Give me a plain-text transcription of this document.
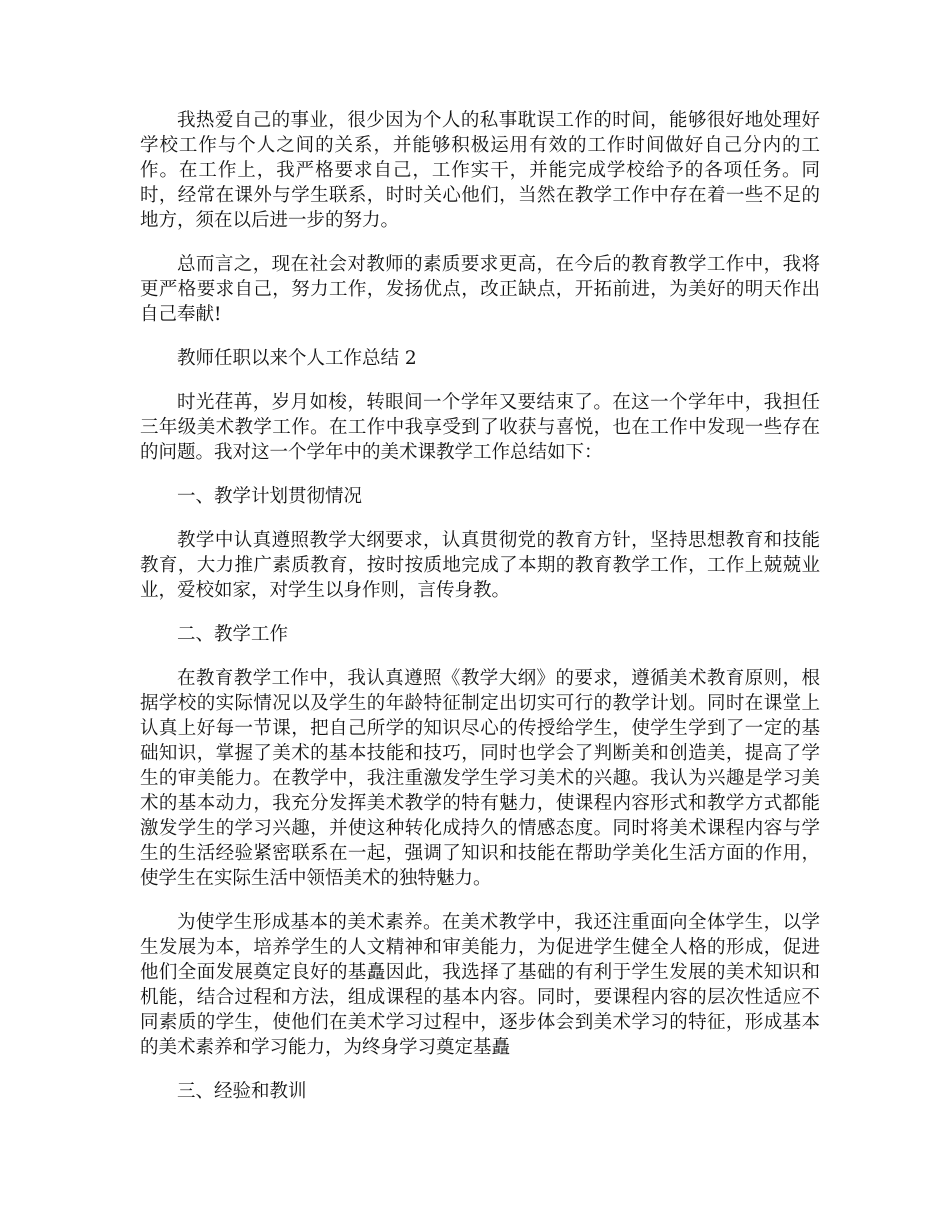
我热爱自己的事业，很少因为个人的私事耽误工作的时间，能够很好地处理好学校工作与个人之间的关系，并能够积极运用有效的工作时间做好自己分内的工作。在工作上，我严格要求自己，工作实干，并能完成学校给予的各项任务。同时，经常在课外与学生联系，时时关心他们，当然在教学工作中存在着一些不足的地方，须在以后进一步的努力。

总而言之，现在社会对教师的素质要求更高，在今后的教育教学工作中，我将更严格要求自己，努力工作，发扬优点，改正缺点，开拓前进，为美好的明天作出自己奉献!

教师任职以来个人工作总结 2

时光荏苒，岁月如梭，转眼间一个学年又要结束了。在这一个学年中，我担任三年级美术教学工作。在工作中我享受到了收获与喜悦，也在工作中发现一些存在的问题。我对这一个学年中的美术课教学工作总结如下：

一、教学计划贯彻情况

教学中认真遵照教学大纲要求，认真贯彻党的教育方针，坚持思想教育和技能教育，大力推广素质教育，按时按质地完成了本期的教育教学工作，工作上兢兢业业，爱校如家，对学生以身作则，言传身教。

二、教学工作

在教育教学工作中，我认真遵照《教学大纲》的要求，遵循美术教育原则，根据学校的实际情况以及学生的年龄特征制定出切实可行的教学计划。同时在课堂上认真上好每一节课，把自己所学的知识尽心的传授给学生，使学生学到了一定的基础知识，掌握了美术的基本技能和技巧，同时也学会了判断美和创造美，提高了学生的审美能力。在教学中，我注重激发学生学习美术的兴趣。我认为兴趣是学习美术的基本动力，我充分发挥美术教学的特有魅力，使课程内容形式和教学方式都能激发学生的学习兴趣，并使这种转化成持久的情感态度。同时将美术课程内容与学生的生活经验紧密联系在一起，强调了知识和技能在帮助学美化生活方面的作用，使学生在实际生活中领悟美术的独特魅力。

为使学生形成基本的美术素养。在美术教学中，我还注重面向全体学生，以学生发展为本，培养学生的人文精神和审美能力，为促进学生健全人格的形成，促进他们全面发展奠定良好的基矗因此，我选择了基础的有利于学生发展的美术知识和机能，结合过程和方法，组成课程的基本内容。同时，要课程内容的层次性适应不同素质的学生，使他们在美术学习过程中，逐步体会到美术学习的特征，形成基本的美术素养和学习能力，为终身学习奠定基矗

三、经验和教训
